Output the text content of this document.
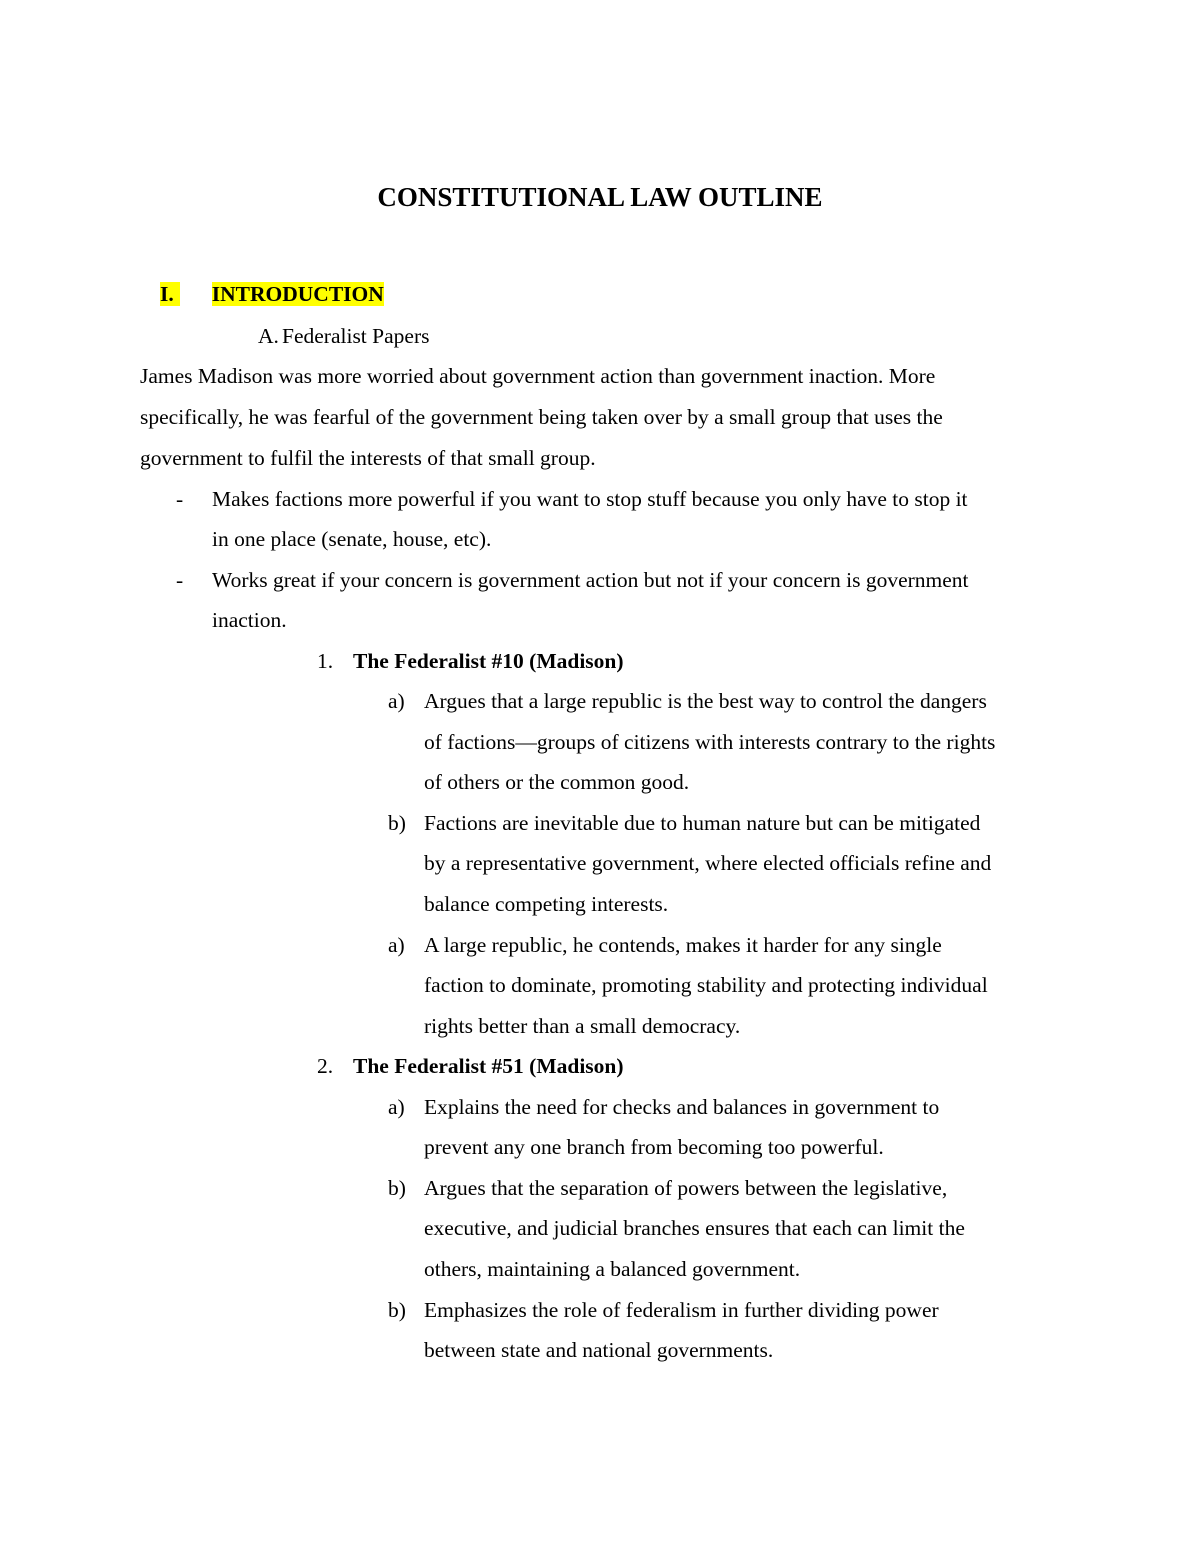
CONSTITUTIONAL LAW OUTLINE
I. INTRODUCTION
A. Federalist Papers
James Madison was more worried about government action than government inaction. More
specifically, he was fearful of the government being taken over by a small group that uses the
government to fulfil the interests of that small group.
- Makes factions more powerful if you want to stop stuff because you only have to stop it
in one place (senate, house, etc).
- Works great if your concern is government action but not if your concern is government
inaction.
1. The Federalist #10 (Madison)
a) Argues that a large republic is the best way to control the dangers
of factions—groups of citizens with interests contrary to the rights
of others or the common good.
b) Factions are inevitable due to human nature but can be mitigated
by a representative government, where elected officials refine and
balance competing interests.
a) A large republic, he contends, makes it harder for any single
faction to dominate, promoting stability and protecting individual
rights better than a small democracy.
2. The Federalist #51 (Madison)
a) Explains the need for checks and balances in government to
prevent any one branch from becoming too powerful.
b) Argues that the separation of powers between the legislative,
executive, and judicial branches ensures that each can limit the
others, maintaining a balanced government.
b) Emphasizes the role of federalism in further dividing power
between state and national governments.
